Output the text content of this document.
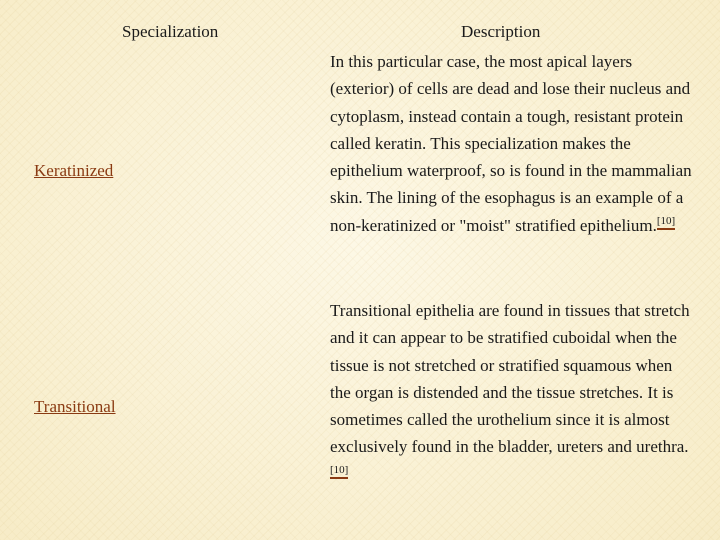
Specialization	Description
Keratinized

In this particular case, the most apical layers (exterior) of cells are dead and lose their nucleus and cytoplasm, instead contain a tough, resistant protein called keratin. This specialization makes the epithelium waterproof, so is found in the mammalian skin. The lining of the esophagus is an example of a non-keratinized or "moist" stratified epithelium.[10]

Transitional

Transitional epithelia are found in tissues that stretch and it can appear to be stratified cuboidal when the tissue is not stretched or stratified squamous when the organ is distended and the tissue stretches. It is sometimes called the urothelium since it is almost exclusively found in the bladder, ureters and urethra.[10]
